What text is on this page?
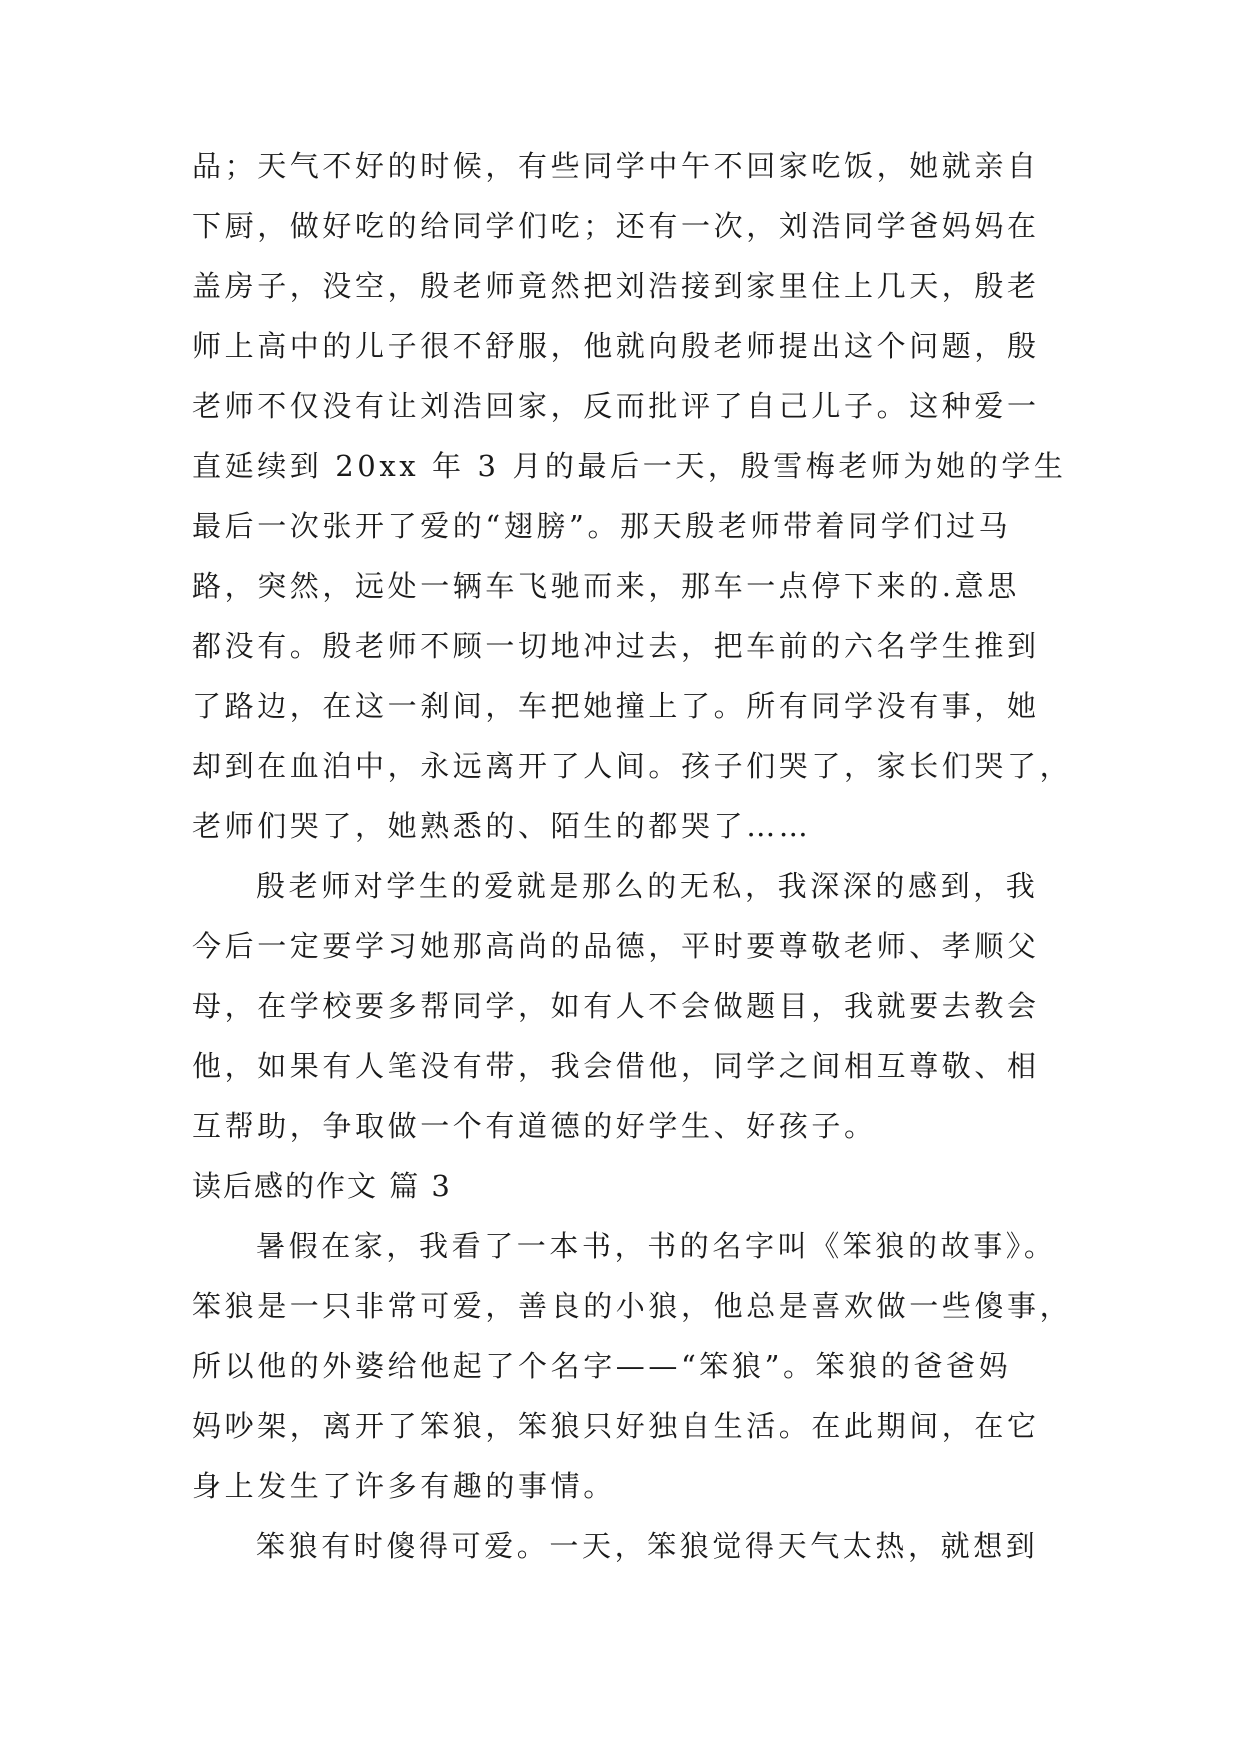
品；天气不好的时候，有些同学中午不回家吃饭，她就亲自
下厨，做好吃的给同学们吃；还有一次，刘浩同学爸妈妈在
盖房子，没空，殷老师竟然把刘浩接到家里住上几天，殷老
师上高中的儿子很不舒服，他就向殷老师提出这个问题，殷
老师不仅没有让刘浩回家，反而批评了自己儿子。这种爱一
直延续到 20xx 年 3 月的最后一天，殷雪梅老师为她的学生
最后一次张开了爱的“翅膀”。那天殷老师带着同学们过马
路，突然，远处一辆车飞驰而来，那车一点停下来的.意思
都没有。殷老师不顾一切地冲过去，把车前的六名学生推到
了路边，在这一刹间，车把她撞上了。所有同学没有事，她
却到在血泊中，永远离开了人间。孩子们哭了，家长们哭了，
老师们哭了，她熟悉的、陌生的都哭了……
殷老师对学生的爱就是那么的无私，我深深的感到，我
今后一定要学习她那高尚的品德，平时要尊敬老师、孝顺父
母，在学校要多帮同学，如有人不会做题目，我就要去教会
他，如果有人笔没有带，我会借他，同学之间相互尊敬、相
互帮助，争取做一个有道德的好学生、好孩子。
读后感的作文 篇 3
暑假在家，我看了一本书，书的名字叫《笨狼的故事》。
笨狼是一只非常可爱，善良的小狼，他总是喜欢做一些傻事，
所以他的外婆给他起了个名字——“笨狼”。笨狼的爸爸妈
妈吵架，离开了笨狼，笨狼只好独自生活。在此期间，在它
身上发生了许多有趣的事情。
笨狼有时傻得可爱。一天，笨狼觉得天气太热，就想到
